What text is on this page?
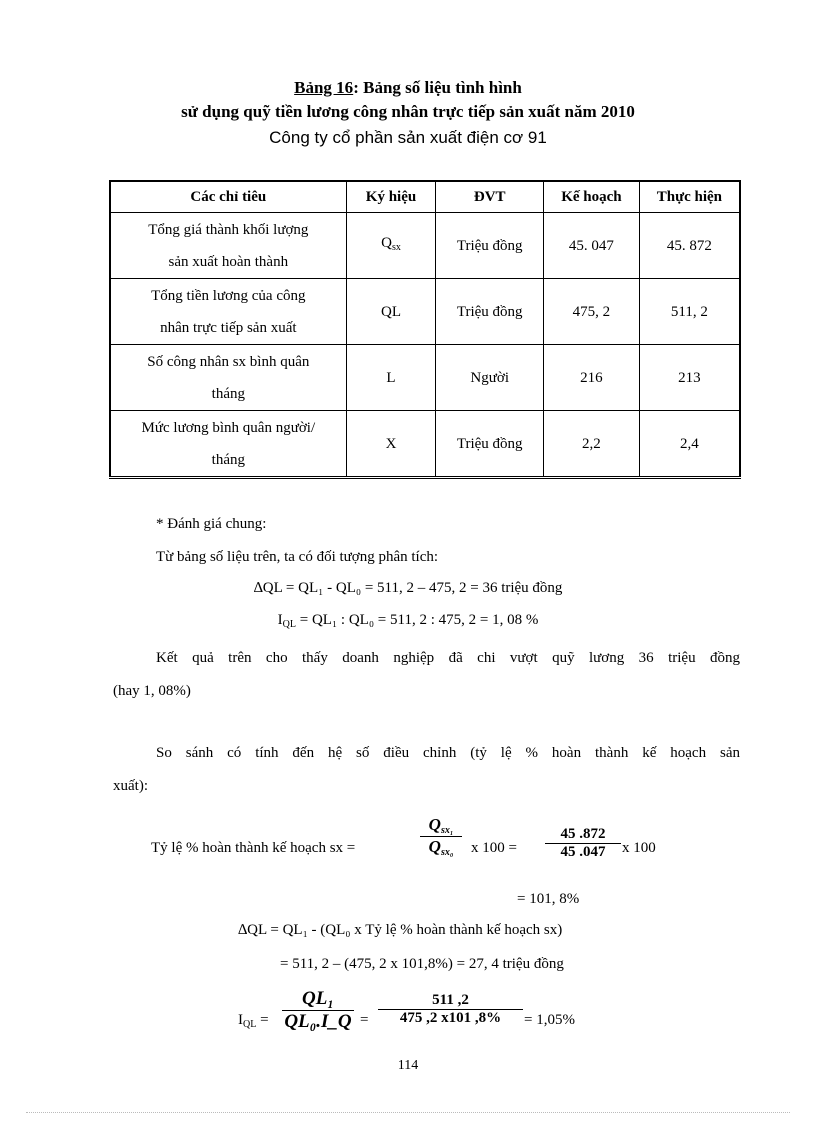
Bảng 16: Bảng số liệu tình hình
sử dụng quỹ tiền lương công nhân trực tiếp sản xuất năm 2010
Công ty cổ phần sản xuất điện cơ 91
Các chỉ tiêu	Ký hiệu	ĐVT	Kế hoạch	Thực hiện

Tổng giá thành khối lượng
sản xuất hoàn thành	$Q_{sx}$	Triệu đồng	45. 047	45. 872

Tổng tiền lương của công
nhân trực tiếp sản xuất	QL	Triệu đồng	475, 2	511, 2

Số công nhân sx bình quân
tháng	L	Người	216	213

Mức lương bình quân người/
tháng	X	Triệu đồng	2,2	2,4
* Đánh giá chung:
Từ bảng số liệu trên, ta có đối tượng phân tích:
∆QL = QL₁ - QL₀ = 511, 2 – 475, 2 = 36 triệu đồng
$I_{QL} = QL_1$ : QL₀ = 511, 2 : 475, 2 = 1, 08 %
Kết quả trên cho thấy doanh nghiệp đã chi vượt quỹ lương 36 triệu đồng
(hay 1, 08%)
So sánh có tính đến hệ số điều chỉnh (tỷ lệ % hoàn thành kế hoạch sản
xuất):
Tỷ lệ % hoàn thành kế hoạch sx =
$Q_{sx_1}$
$Q_{sx_0}$	x 100 =
45 .872
45 .047	x 100
= 101, 8%
∆QL = QL₁ - (QL₀ x Tỷ lệ % hoàn thành kế hoạch sx)
= 511, 2 – (475, 2 x 101,8%) = 27, 4 triệu đồng
$I_{QL}$ =
QL₁
QL₀.I_Q =
511 ,2
475 ,2 x101 ,8%	= 1,05%
114
